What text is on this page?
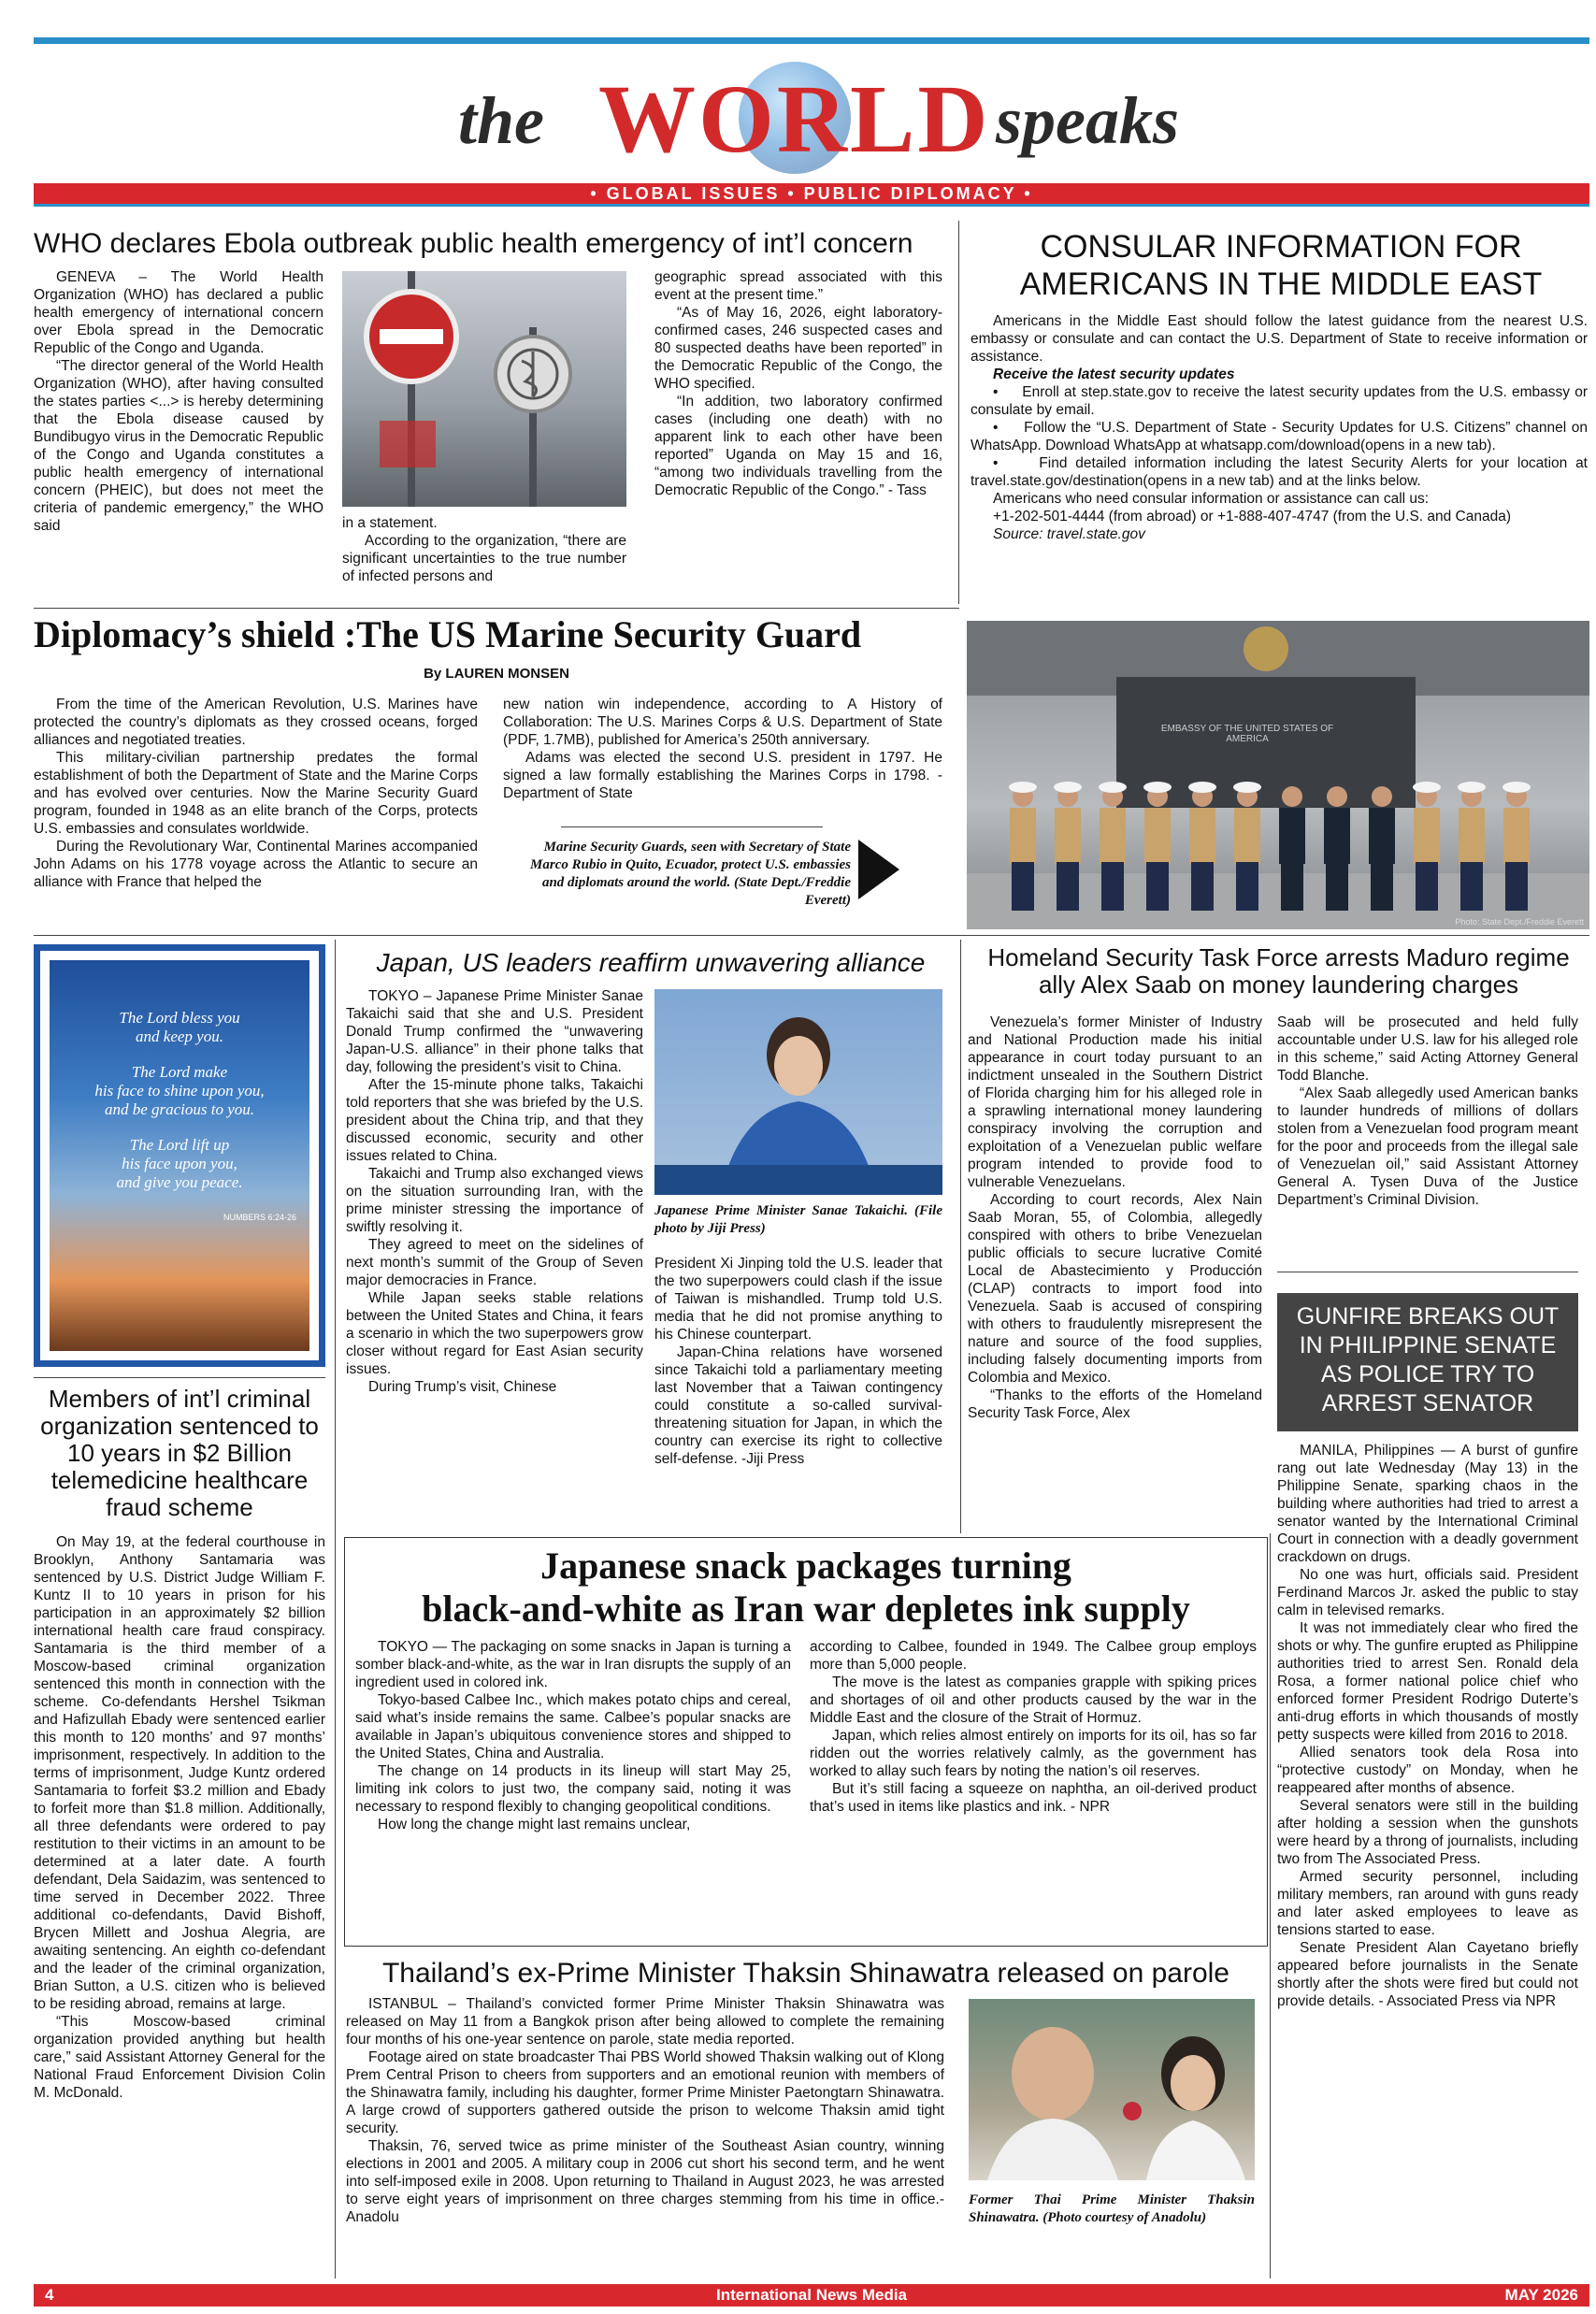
the WORLD speaks
• GLOBAL ISSUES • PUBLIC DIPLOMACY •
WHO declares Ebola outbreak public health emergency of int’l concern

GENEVA – The World Health Organization (WHO) has declared a public health emergency of international concern over Ebola spread in the Democratic Republic of the Congo and Uganda.

“The director general of the World Health Organization (WHO), after having consulted the states parties <...> is hereby determining that the Ebola disease caused by Bundibugyo virus in the Democratic Republic of the Congo and Uganda constitutes a public health emergency of international concern (PHEIC), but does not meet the criteria of pandemic emergency,” the WHO said	in a statement.

According to the organization, “there are significant uncertainties to the true number of infected persons and

geographic spread associated with this event at the present time.”

“As of May 16, 2026, eight laboratory-confirmed cases, 246 suspected cases and 80 suspected deaths have been reported” in the Democratic Republic of the Congo, the WHO specified.

“In addition, two laboratory confirmed cases (including one death) with no apparent link to each other have been reported” Uganda on May 15 and 16, “among two individuals travelling from the Democratic Republic of the Congo.” - Tass

CONSULAR INFORMATION FOR AMERICANS IN THE MIDDLE EAST

Americans in the Middle East should follow the latest guidance from the nearest U.S. embassy or consulate and can contact the U.S. Department of State to receive information or assistance.

Receive the latest security updates

•     Enroll at step.state.gov to receive the latest security updates from the U.S. embassy or consulate by email.

•     Follow the “U.S. Department of State - Security Updates for U.S. Citizens” channel on WhatsApp. Download WhatsApp at whatsapp.com/download(opens in a new tab).

•     Find detailed information including the latest Security Alerts for your location at travel.state.gov/destination(opens in a new tab) and at the links below.

Americans who need consular information or assistance can call us:

+1-202-501-4444 (from abroad) or +1-888-407-4747 (from the U.S. and Canada)

Source: travel.state.gov

Diplomacy’s shield :The US Marine Security Guard
By LAUREN MONSEN

From the time of the American Revolution, U.S. Marines have protected the country’s diplomats as they crossed oceans, forged alliances and negotiated treaties.

This military-civilian partnership predates the formal establishment of both the Department of State and the Marine Corps and has evolved over centuries. Now the Marine Security Guard program, founded in 1948 as an elite branch of the Corps, protects U.S. embassies and consulates worldwide.

During the Revolutionary War, Continental Marines accompanied John Adams on his 1778 voyage across the Atlantic to secure an alliance with France that helped the

new nation win independence, according to A History of Collaboration: The U.S. Marines Corps & U.S. Department of State (PDF, 1.7MB), published for America’s 250th anniversary.

Adams was elected the second U.S. president in 1797. He signed a law formally establishing the Marines Corps in 1798. - Department of State

Marine Security Guards, seen with Secretary of State Marco Rubio in Quito, Ecuador, protect U.S. embassies and diplomats around the world. (State Dept./Freddie Everett)
EMBASSY OF THE UNITED STATES OF AMERICA
Photo: State Dept./Freddie Everett
The Lord bless you
and keep you.
The Lord make
his face to shine upon you,
and be gracious to you.
The Lord lift up
his face upon you,
and give you peace.
NUMBERS 6:24-26
Members of int’l criminal organization sentenced to 10 years in $2 Billion telemedicine healthcare fraud scheme

On May 19, at the federal courthouse in Brooklyn, Anthony Santamaria was sentenced by U.S. District Judge William F. Kuntz II to 10 years in prison for his participation in an approximately $2 billion international health care fraud conspiracy. Santamaria is the third member of a Moscow-based criminal organization sentenced this month in connection with the scheme. Co-defendants Hershel Tsikman and Hafizullah Ebady were sentenced earlier this month to 120 months’ and 97 months’ imprisonment, respectively. In addition to the terms of imprisonment, Judge Kuntz ordered Santamaria to forfeit $3.2 million and Ebady to forfeit more than $1.8 million. Additionally, all three defendants were ordered to pay restitution to their victims in an amount to be determined at a later date. A fourth defendant, Dela Saidazim, was sentenced to time served in December 2022. Three additional co-defendants, David Bishoff, Brycen Millett and Joshua Alegria, are awaiting sentencing. An eighth co-defendant and the leader of the criminal organization, Brian Sutton, a U.S. citizen who is believed to be residing abroad, remains at large.

“This Moscow-based criminal organization provided anything but health care,” said Assistant Attorney General for the National Fraud Enforcement Division Colin M. McDonald.

Japan, US leaders reaffirm unwavering alliance

TOKYO – Japanese Prime Minister Sanae Takaichi said that she and U.S. President Donald Trump confirmed the “unwavering Japan-U.S. alliance” in their phone talks that day, following the president’s visit to China.

After the 15-minute phone talks, Takaichi told reporters that she was briefed by the U.S. president about the China trip, and that they discussed economic, security and other issues related to China.

Takaichi and Trump also exchanged views on the situation surrounding Iran, with the prime minister stressing the importance of swiftly resolving it.

They agreed to meet on the sidelines of next month’s summit of the Group of Seven major democracies in France.

While Japan seeks stable relations between the United States and China, it fears a scenario in which the two superpowers grow closer without regard for East Asian security issues.

During Trump’s visit, Chinese

Japanese Prime Minister Sanae Takaichi. (File photo by Jiji Press)

President Xi Jinping told the U.S. leader that the two superpowers could clash if the issue of Taiwan is mishandled. Trump told U.S. media that he did not promise anything to his Chinese counterpart.

Japan-China relations have worsened since Takaichi told a parliamentary meeting last November that a Taiwan contingency could constitute a so-called survival-threatening situation for Japan, in which the country can exercise its right to collective self-defense. -Jiji Press

Homeland Security Task Force arrests Maduro regime ally Alex Saab on money laundering charges

Venezuela’s former Minister of Industry and National Production made his initial appearance in court today pursuant to an indictment unsealed in the Southern District of Florida charging him for his alleged role in a sprawling international money laundering conspiracy involving the corruption and exploitation of a Venezuelan public welfare program intended to provide food to vulnerable Venezuelans.

According to court records, Alex Nain Saab Moran, 55, of Colombia, allegedly conspired with others to bribe Venezuelan public officials to secure lucrative Comité Local de Abastecimiento y Producción (CLAP) contracts to import food into Venezuela. Saab is accused of conspiring with others to fraudulently misrepresent the nature and source of the food supplies, including falsely documenting imports from Colombia and Mexico.

“Thanks to the efforts of the Homeland Security Task Force, Alex

Saab will be prosecuted and held fully accountable under U.S. law for his alleged role in this scheme,” said Acting Attorney General Todd Blanche.

“Alex Saab allegedly used American banks to launder hundreds of millions of dollars stolen from a Venezuelan food program meant for the poor and proceeds from the illegal sale of Venezuelan oil,” said Assistant Attorney General A. Tysen Duva of the Justice Department’s Criminal Division.

GUNFIRE BREAKS OUT IN PHILIPPINE SENATE AS POLICE TRY TO ARREST SENATOR

MANILA, Philippines — A burst of gunfire rang out late Wednesday (May 13) in the Philippine Senate, sparking chaos in the building where authorities had tried to arrest a senator wanted by the International Criminal Court in connection with a deadly government crackdown on drugs.

No one was hurt, officials said. President Ferdinand Marcos Jr. asked the public to stay calm in televised remarks.

It was not immediately clear who fired the shots or why. The gunfire erupted as Philippine authorities tried to arrest Sen. Ronald dela Rosa, a former national police chief who enforced former President Rodrigo Duterte’s anti-drug efforts in which thousands of mostly petty suspects were killed from 2016 to 2018.

Allied senators took dela Rosa into “protective custody” on Monday, when he reappeared after months of absence.

Several senators were still in the building after holding a session when the gunshots were heard by a throng of journalists, including two from The Associated Press.

Armed security personnel, including military members, ran around with guns ready and later asked employees to leave as tensions started to ease.

Senate President Alan Cayetano briefly appeared before journalists in the Senate shortly after the shots were fired but could not provide details. - Associated Press via NPR

Japanese snack packages turning
black-and-white as Iran war depletes ink supply

TOKYO — The packaging on some snacks in Japan is turning a somber black-and-white, as the war in Iran disrupts the supply of an ingredient used in colored ink.

Tokyo-based Calbee Inc., which makes potato chips and cereal, said what’s inside remains the same. Calbee’s popular snacks are available in Japan’s ubiquitous convenience stores and shipped to the United States, China and Australia.

The change on 14 products in its lineup will start May 25, limiting ink colors to just two, the company said, noting it was necessary to respond flexibly to changing geopolitical conditions.

How long the change might last remains unclear,

according to Calbee, founded in 1949. The Calbee group employs more than 5,000 people.

The move is the latest as companies grapple with spiking prices and shortages of oil and other products caused by the war in the Middle East and the closure of the Strait of Hormuz.

Japan, which relies almost entirely on imports for its oil, has so far ridden out the worries relatively calmly, as the government has worked to allay such fears by noting the nation’s oil reserves.

But it’s still facing a squeeze on naphtha, an oil-derived product that’s used in items like plastics and ink. - NPR

Thailand’s ex-Prime Minister Thaksin Shinawatra released on parole

ISTANBUL – Thailand’s convicted former Prime Minister Thaksin Shinawatra was released on May 11 from a Bangkok prison after being allowed to complete the remaining four months of his one-year sentence on parole, state media reported.

Footage aired on state broadcaster Thai PBS World showed Thaksin walking out of Klong Prem Central Prison to cheers from supporters and an emotional reunion with members of the Shinawatra family, including his daughter, former Prime Minister Paetongtarn Shinawatra. A large crowd of supporters gathered outside the prison to welcome Thaksin amid tight security.

Thaksin, 76, served twice as prime minister of the Southeast Asian country, winning elections in 2001 and 2005. A military coup in 2006 cut short his second term, and he went into self-imposed exile in 2008. Upon returning to Thailand in August 2023, he was arrested to serve eight years of imprisonment on three charges stemming from his time in office.- Anadolu

Former Thai Prime Minister Thaksin Shinawatra. (Photo courtesy of Anadolu)
4	International News Media	MAY 2026
